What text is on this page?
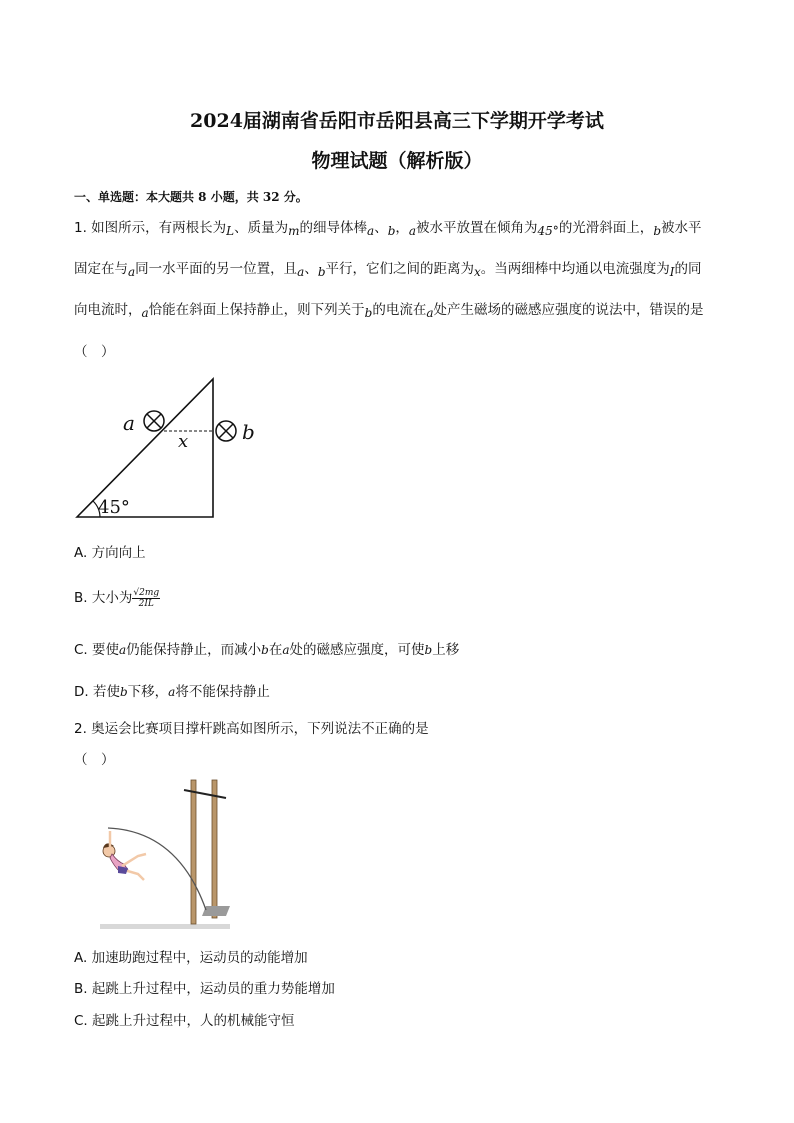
2024届湖南省岳阳市岳阳县高三下学期开学考试
物理试题（解析版）
一、单选题：本大题共 8 小题，共 32 分。
1. 如图所示，有两根长为L、质量为m的细导体棒a、b，a被水平放置在倾角为45°的光滑斜面上，b被水平
固定在与a同一水平面的另一位置，且a、b平行，它们之间的距离为x。当两细棒中均通以电流强度为I的同
向电流时，a恰能在斜面上保持静止，则下列关于b的电流在a处产生磁场的磁感应强度的说法中，错误的是
（　）
45°
a
x	b
A. 方向向上
B. 大小为 $\frac{√2mg}{2IL}$
C. 要使a仍能保持静止，而减小b在a处的磁感应强度，可使b上移
D. 若使b下移，a将不能保持静止
2. 奥运会比赛项目撑杆跳高如图所示，下列说法不正确的是
（　）
A. 加速助跑过程中，运动员的动能增加
B. 起跳上升过程中，运动员的重力势能增加
C. 起跳上升过程中，人的机械能守恒
